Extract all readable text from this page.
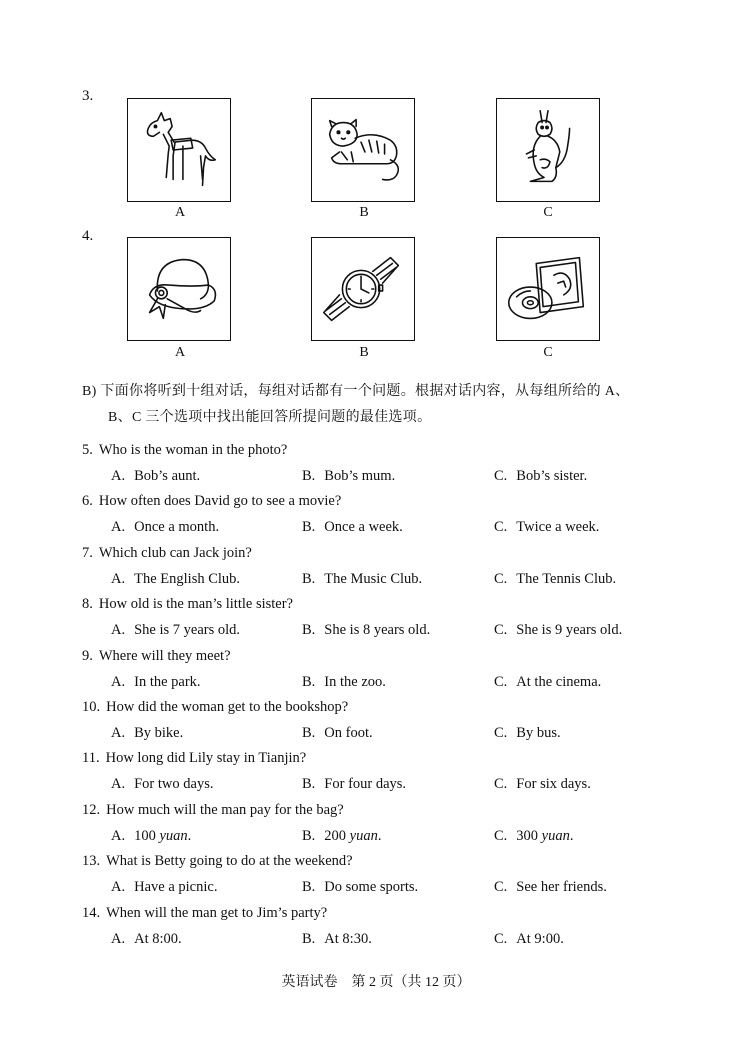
3.
A	B	C
4.
A	B	C
B) 下面你将听到十组对话，每组对话都有一个问题。根据对话内容，从每组所给的 A、
B、C 三个选项中找出能回答所提问题的最佳选项。
5. Who is the woman in the photo?
A. Bob’s aunt.	B. Bob’s mum.	C. Bob’s sister.
6. How often does David go to see a movie?
A. Once a month.	B. Once a week.	C. Twice a week.
7. Which club can Jack join?
A. The English Club.	B. The Music Club.	C. The Tennis Club.
8. How old is the man’s little sister?
A. She is 7 years old.	B. She is 8 years old.	C. She is 9 years old.
9. Where will they meet?
A. In the park.	B. In the zoo.	C. At the cinema.
10. How did the woman get to the bookshop?
A. By bike.	B. On foot.	C. By bus.
11. How long did Lily stay in Tianjin?
A. For two days.	B. For four days.	C. For six days.
12. How much will the man pay for the bag?
A. 100 yuan.	B. 200 yuan.	C. 300 yuan.
13. What is Betty going to do at the weekend?
A. Have a picnic.	B. Do some sports.	C. See her friends.
14. When will the man get to Jim’s party?
A. At 8:00.	B. At 8:30.	C. At 9:00.
英语试卷　第 2 页（共 12 页）
